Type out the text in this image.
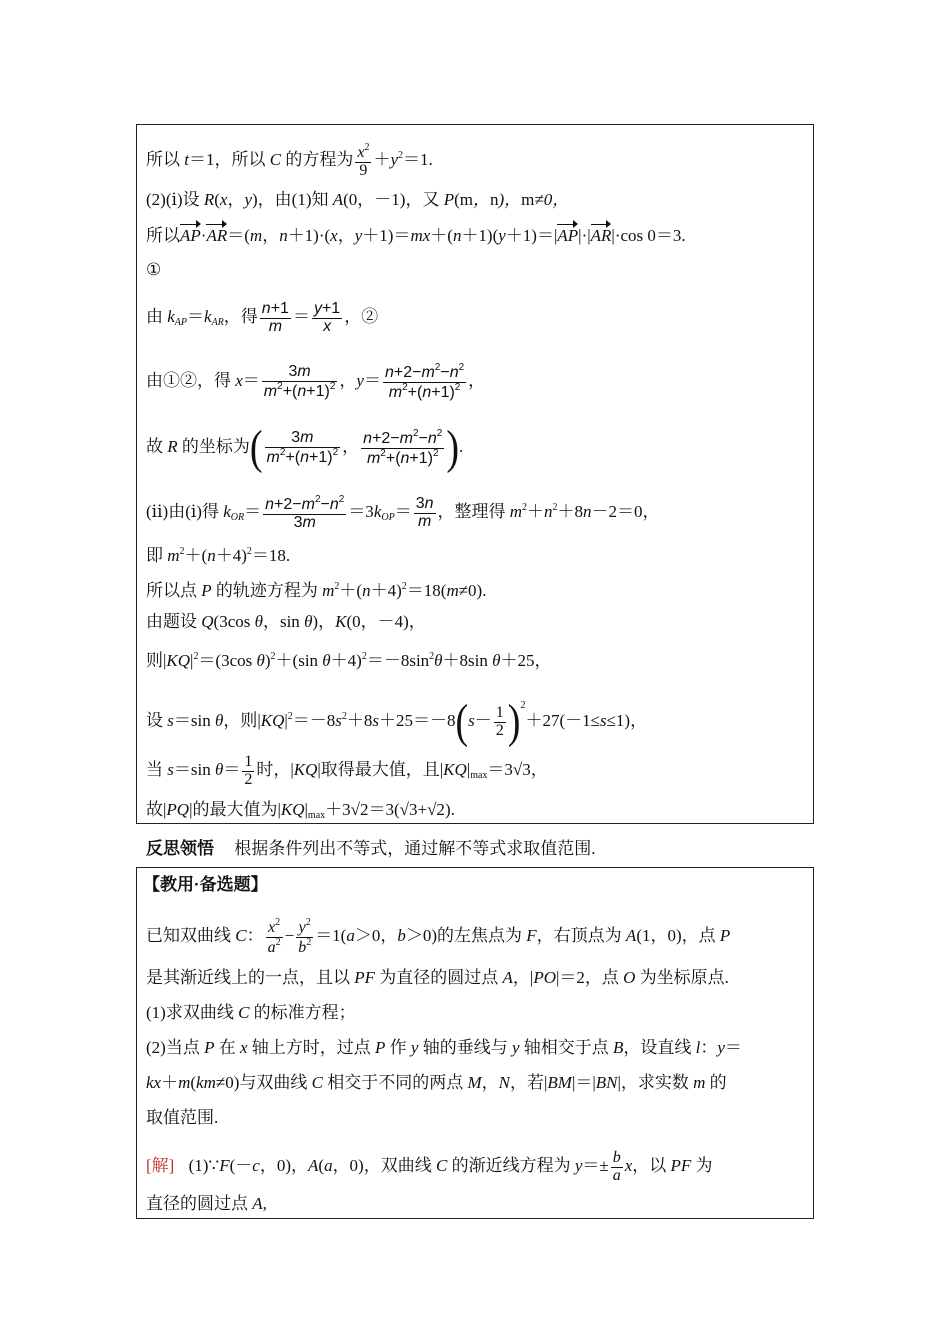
所以 t＝1，所以 C 的方程为 $\frac{x^2}{9} +y^2=1$.
(2)(ⅰ)设 R(x，y)，由(1)知 A(0，－1)，又 P(m，n)，m≠0，
所以AP·AR＝(m，n＋1)·(x，y＋1)＝mx＋(n＋1)(y＋1)＝|AP|·|AR|·cos 0＝3.
①
由 $k_{AP}=k_{AR}$，得 $\frac{n+1}{m} = \frac{y+1}{x}$ ，②
由①②，得 $x= \frac{3m}{m^2+(n+1)^2}$ ，$y= \frac{n+2-m^2-n^2}{m^2+(n+1)^2}$ ，
故 R 的坐标为( $\frac{3m}{m^2+(n+1)^2}$ ， $\frac{n+2-m^2-n^2}{m^2+(n+1)^2}$ ).
(ⅱ)由(ⅰ)得 $k_{OR}= \frac{n+2-m^2-n^2}{3m} =3k_{OP}= \frac{3n}{m}$ ，整理得 $m^2+n^2+8n-2=0$，
即 $m^2+(n+4)^2=18$.
所以点 P 的轨迹方程为 $m^2+(n+4)^2=18(m\ne 0)$.
由题设 Q(3cos θ，sin θ)，K(0，－4)，
则$|KQ|^2=(3\cos$ θ)$^2$＋(sin $\theta+4)^2=-8\sin^2\theta+8\sin$ θ＋25，
设 s＝sin θ，则$|KQ|^2=-8s^2+8s+25=-8(s- \frac{1}{2} )^2+27(-1\le s\le 1)$，
当 s＝sin $\theta= \frac{1}{2}$ 时，|KQ|取得最大值，且$|KQ|_{max}=3√3$，
故|PQ|的最大值为$|KQ|_{max}+3√2=3(√3+√2)$.
反思领悟 根据条件列出不等式，通过解不等式求取值范围.
【教用·备选题】
已知双曲线 C： $\frac{x^2}{a^2} - \frac{y^2}{b^2} =1(a>0$，b＞0)的左焦点为 F，右顶点为 A(1，0)，点 P
是其渐近线上的一点，且以 PF 为直径的圆过点 A，|PO|＝2，点 O 为坐标原点.
(1)求双曲线 C 的标准方程；
(2)当点 P 在 x 轴上方时，过点 P 作 y 轴的垂线与 y 轴相交于点 B，设直线 l：y＝
kx＋m(km≠0)与双曲线 C 相交于不同的两点 M，N，若|BM|＝|BN|，求实数 m 的
取值范围.
[解] (1)∵F(－c，0)，A(a，0)，双曲线 C 的渐近线方程为 $y=\pm \frac{b}{a}$ x，以 PF 为
直径的圆过点 A,
